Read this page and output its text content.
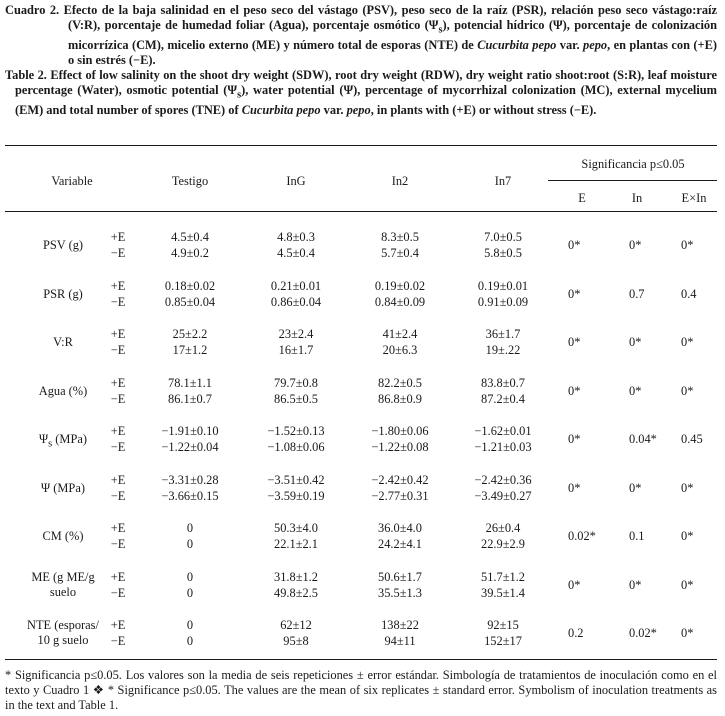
Cuadro 2. Efecto de la baja salinidad en el peso seco del vástago (PSV), peso seco de la raíz (PSR), relación peso seco vástago:raíz (V:R), porcentaje de humedad foliar (Agua), porcentaje osmótico $(\Psi_s)$, potencial hídrico (Ψ), porcentaje de colonización micorrízica (CM), micelio externo (ME) y número total de esporas (NTE) de Cucurbita pepo var. pepo, en plantas con (+E) o sin estrés (−E).

Table 2. Effect of low salinity on the shoot dry weight (SDW), root dry weight (RDW), dry weight ratio shoot:root (S:R), leaf moisture percentage (Water), osmotic potential $(\Psi_s)$, water potential (Ψ), percentage of mycorrhizal colonization (MC), external mycelium (EM) and total number of spores (TNE) of Cucurbita pepo var. pepo, in plants with (+E) or without stress (−E).

Variable	Testigo	InG	In2	In7
Significancia p≤0.05
E	In	E×In
PSV (g)
+E	4.5±0.4	4.8±0.3	8.3±0.5	7.0±0.5
−E	4.9±0.2	4.5±0.4	5.7±0.4	5.8±0.5
0*	0*	0*
PSR (g)
+E	0.18±0.02	0.21±0.01	0.19±0.02	0.19±0.01
−E	0.85±0.04	0.86±0.04	0.84±0.09	0.91±0.09
0*	0.7	0.4
V:R
+E	25±2.2	23±2.4	41±2.4	36±1.7
−E	17±1.2	16±1.7	20±6.3	19±.22
0*	0*	0*
Agua (%)
+E	78.1±1.1	79.7±0.8	82.2±0.5	83.8±0.7
−E	86.1±0.7	86.5±0.5	86.8±0.9	87.2±0.4
0*	0*	0*
$\Psi_s$ (MPa)
+E	−1.91±0.10	−1.52±0.13	−1.80±0.06	−1.62±0.01
−E	−1.22±0.04	−1.08±0.06	−1.22±0.08	−1.21±0.03
0*	0.04* 0.45
Ψ (MPa)
+E	−3.31±0.28	−3.51±0.42	−2.42±0.42	−2.42±0.36
−E	−3.66±0.15	−3.59±0.19	−2.77±0.31	−3.49±0.27
0*	0*	0*
CM (%)
+E	0	50.3±4.0	36.0±4.0	26±0.4
−E	0	22.1±2.1	24.2±4.1	22.9±2.9
0.02*	0.1	0*
ME (g ME/g
suelo
+E	0	31.8±1.2	50.6±1.7	51.7±1.2
−E	0	49.8±2.5	35.5±1.3	39.5±1.4
0*	0*	0*
NTE (esporas/
10 g suelo
+E	0	62±12	138±22	92±15
−E	0	95±8	94±11	152±17
0.2	0.02* 0*

* Significancia p≤0.05. Los valores son la media de seis repeticiones ± error estándar. Simbología de tratamientos de inoculación como en el texto y Cuadro 1 ❖ * Significance p≤0.05. The values are the mean of six replicates ± standard error. Symbolism of inoculation treatments as in the text and Table 1.
